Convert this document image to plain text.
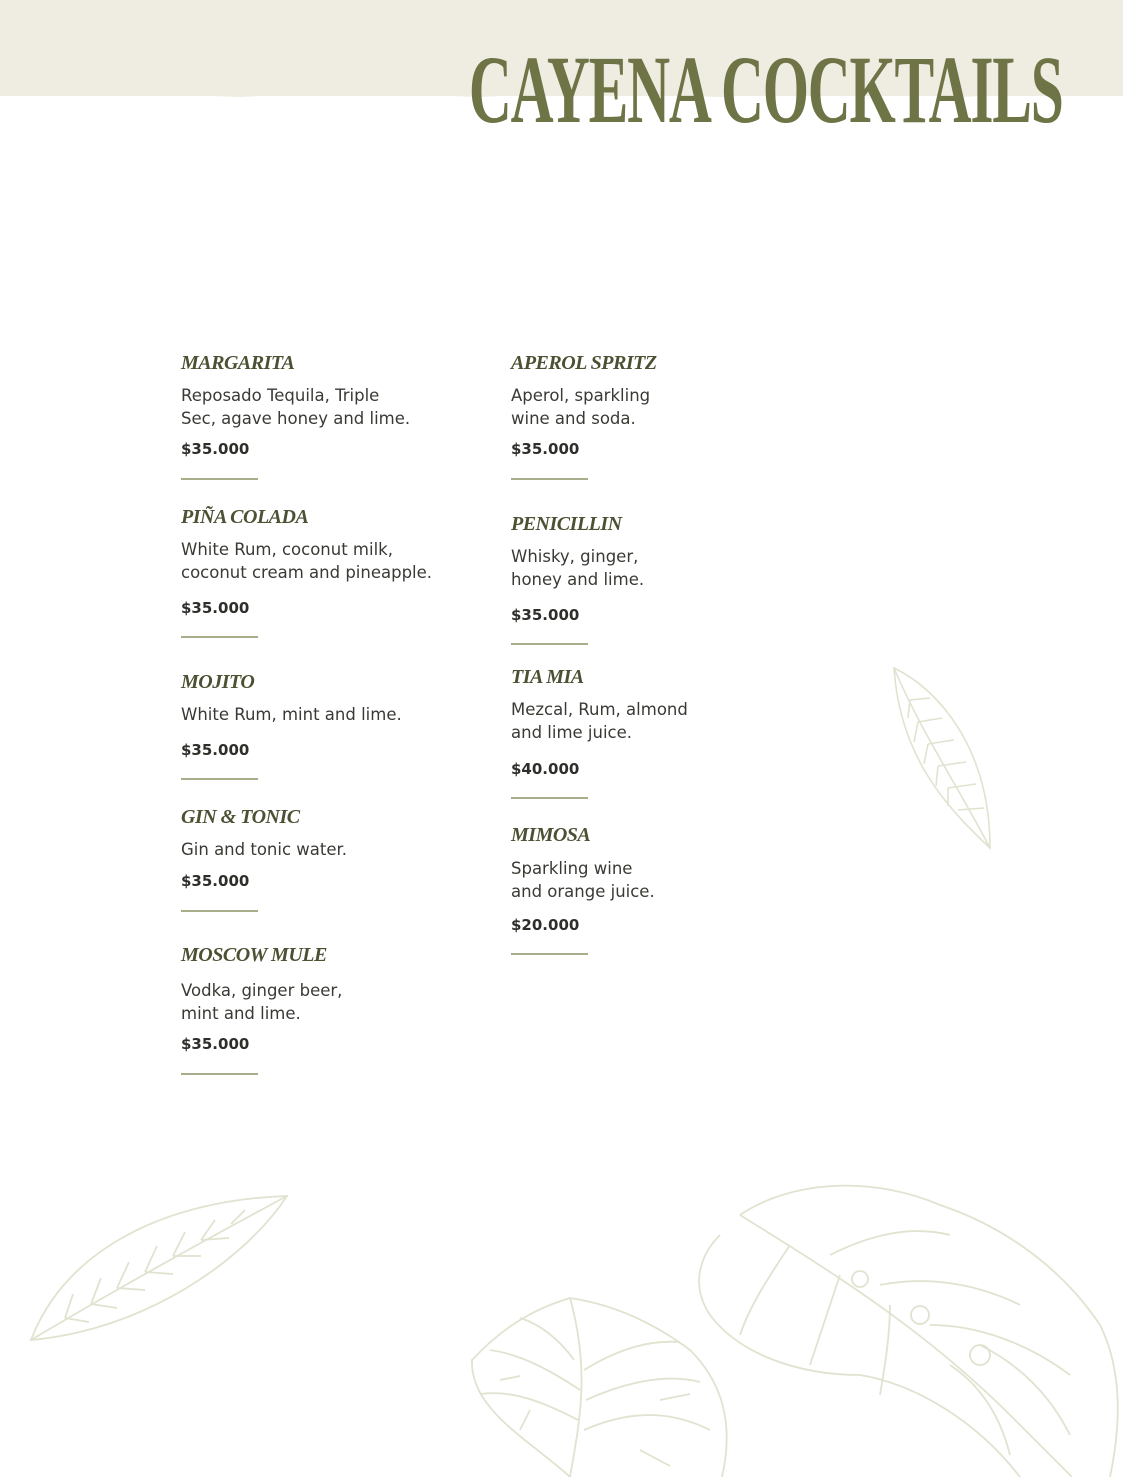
CAYENA COCKTAILS
MARGARITA
Reposado Tequila, Triple
Sec, agave honey and lime.
$35.000
PIÑA COLADA
White Rum, coconut milk,
coconut cream and pineapple.
$35.000
MOJITO
White Rum, mint and lime.
$35.000
GIN & TONIC
Gin and tonic water.
$35.000
MOSCOW MULE
Vodka, ginger beer,
mint and lime.
$35.000
APEROL SPRITZ
Aperol, sparkling
wine and soda.
$35.000
PENICILLIN
Whisky, ginger,
honey and lime.
$35.000
TIA MIA
Mezcal, Rum, almond
and lime juice.
$40.000
MIMOSA
Sparkling wine
and orange juice.
$20.000
